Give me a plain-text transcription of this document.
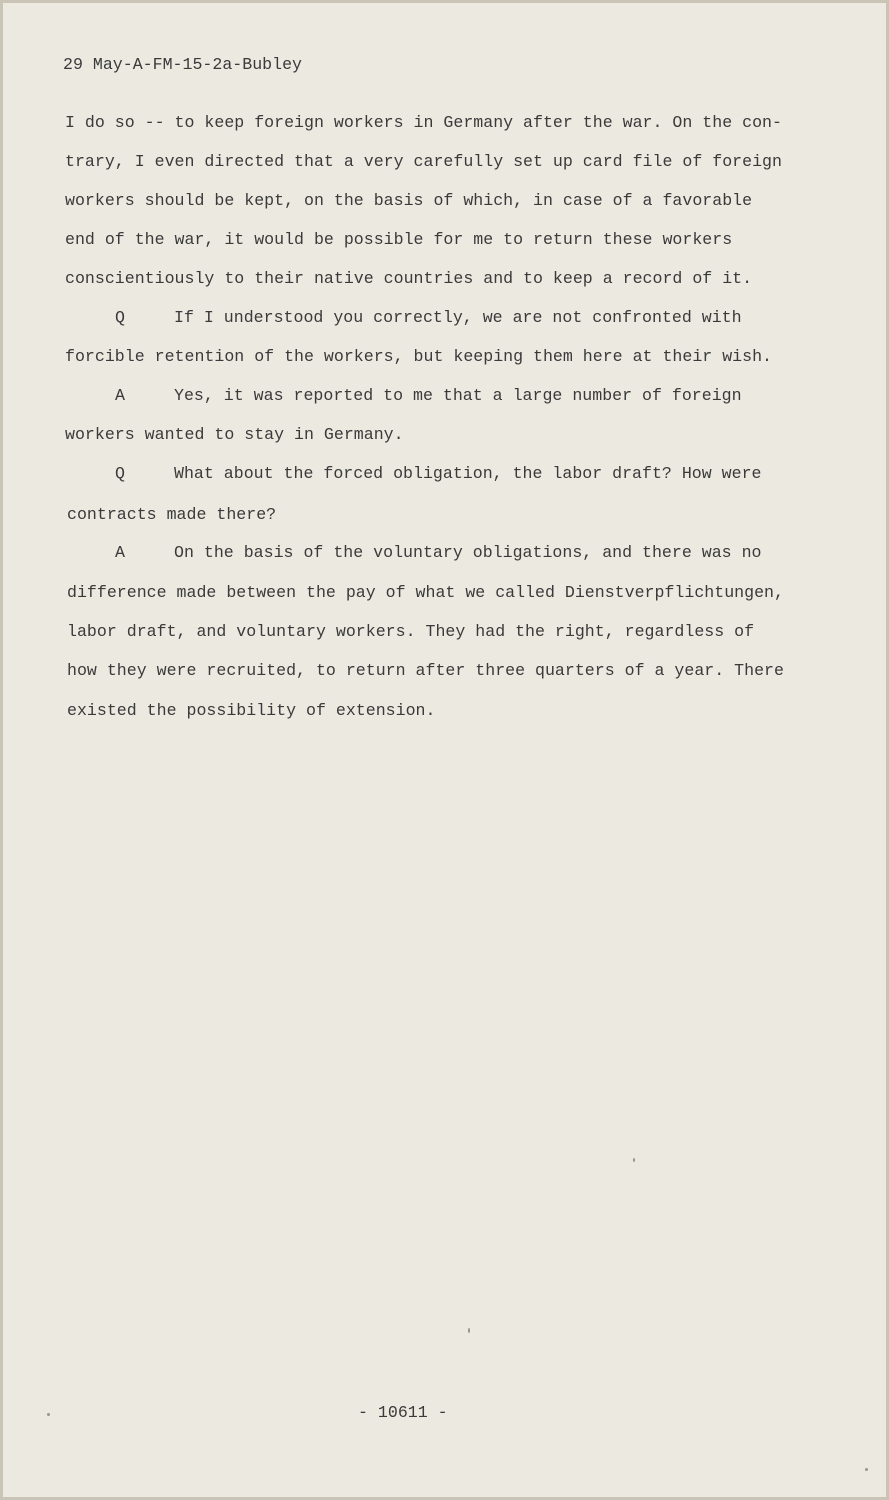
29 May-A-FM-15-2a-Bubley
I do so -- to keep foreign workers in Germany after the war. On the con-
trary, I even directed that a very carefully set up card file of foreign
workers should be kept, on the basis of which, in case of a favorable
end of the war, it would be possible for me to return these workers
conscientiously to their native countries and to keep a record of it.
Q	If I understood you correctly, we are not confronted with
forcible retention of the workers, but keeping them here at their wish.
A	Yes, it was reported to me that a large number of foreign
workers wanted to stay in Germany.
Q	What about the forced obligation, the labor draft? How were
contracts made there?
A	On the basis of the voluntary obligations, and there was no
difference made between the pay of what we called Dienstverpflichtungen,
labor draft, and voluntary workers. They had the right, regardless of
how they were recruited, to return after three quarters of a year. There
existed the possibility of extension.
- 10611 -
